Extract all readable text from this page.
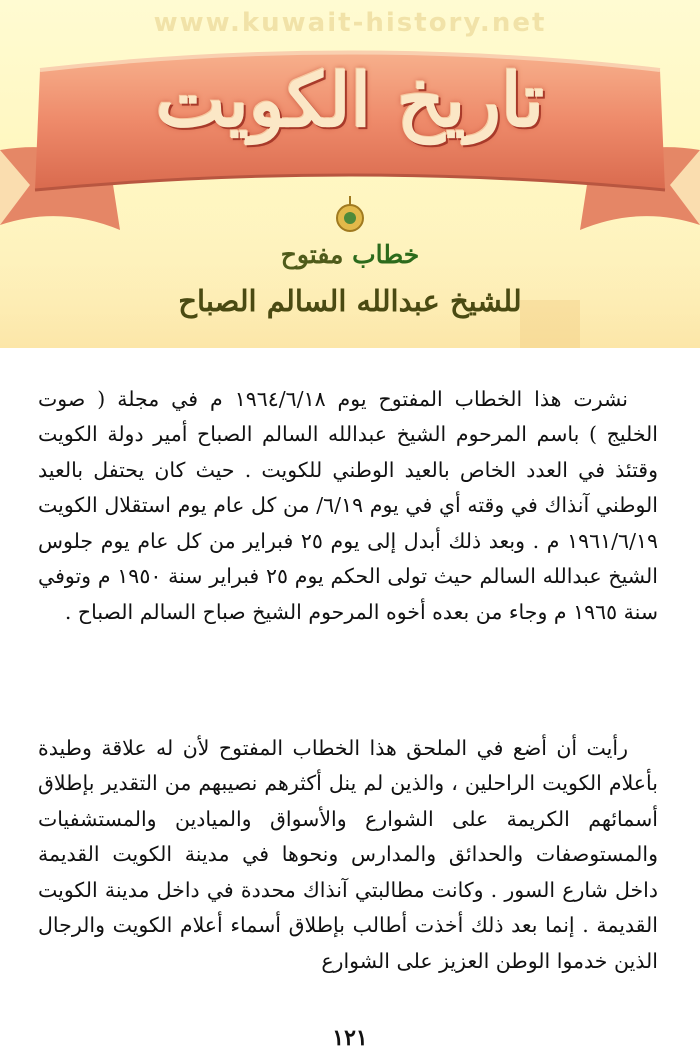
www.kuwait-history.net
تاريخ الكويت
خطاب مفتوح
للشيخ عبدالله السالم الصباح

نشرت هذا الخطاب المفتوح يوم ١٩٦٤/٦/١٨ م في مجلة ( صوت الخليج ) باسم المرحوم الشيخ عبدالله السالم الصباح أمير دولة الكويت وقتئذ في العدد الخاص بالعيد الوطني للكويت . حيث كان يحتفل بالعيد الوطني آنذاك في وقته أي في يوم ٦/١٩/ من كل عام يوم استقلال الكويت ١٩٦١/٦/١٩ م . وبعد ذلك أبدل إلى يوم ٢٥ فبراير من كل عام يوم جلوس الشيخ عبدالله السالم حيث تولى الحكم يوم ٢٥ فبراير سنة ١٩٥٠ م وتوفي سنة ١٩٦٥ م وجاء من بعده أخوه المرحوم الشيخ صباح السالم الصباح .

رأيت أن أضع في الملحق هذا الخطاب المفتوح لأن له علاقة وطيدة بأعلام الكويت الراحلين ، والذين لم ينل أكثرهم نصيبهم من التقدير بإطلاق أسمائهم الكريمة على الشوارع والأسواق والميادين والمستشفيات والمستوصفات والحدائق والمدارس ونحوها في مدينة الكويت القديمة داخل شارع السور . وكانت مطالبتي آنذاك محددة في داخل مدينة الكويت القديمة . إنما بعد ذلك أخذت أطالب بإطلاق أسماء أعلام الكويت والرجال الذين خدموا الوطن العزيز على الشوارع

١٢١
